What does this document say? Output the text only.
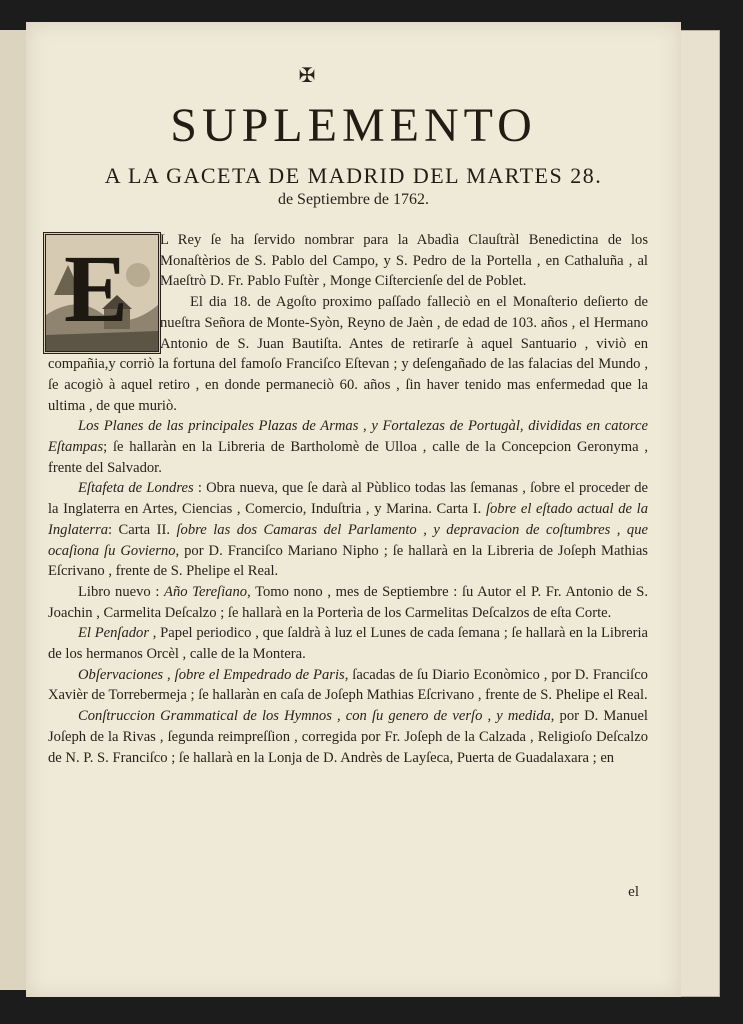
✠
SUPLEMENTO
A LA GACETA DE MADRID DEL MARTES 28.
de Septiembre de 1762.
E	L Rey ſe ha ſervido nombrar para la Abadìa Clauſtràl Benedictina de los Monaſtèrios de S. Pablo del Campo, y S. Pedro de la Portella , en Cathaluña , al Maeſtrò D. Fr. Pablo Fuſtèr , Monge Ciſtercienſe del de Poblet.

El dia 18. de Agoſto proximo paſſado falleciò en el Monaſterio deſierto de nueſtra Señora de Monte-Syòn, Reyno de Jaèn , de edad de 103. años , el Hermano Antonio de S. Juan Bautiſta. Antes de retirarſe à aquel Santuario , viviò en compañia,y corriò la fortuna del famoſo Franciſco Eſtevan ; y deſengañado de las falacias del Mundo , ſe acogiò à aquel retiro , en donde permaneciò 60. años , ſin haver tenido mas enfermedad que la ultima , de que muriò.

Los Planes de las principales Plazas de Armas , y Fortalezas de Portugàl, divididas en catorce Eſtampas; ſe hallaràn en la Libreria de Bartholomè de Ulloa , calle de la Concepcion Geronyma , frente del Salvador.

Eſtafeta de Londres : Obra nueva, que ſe darà al Pùblico todas las ſemanas , ſobre el proceder de la Inglaterra en Artes, Ciencias , Comercio, Induſtria , y Marina. Carta I. ſobre el eſtado actual de la Inglaterra: Carta II. ſobre las dos Camaras del Parlamento , y depravacion de coſtumbres , que ocaſiona ſu Govierno, por D. Franciſco Mariano Nipho ; ſe hallarà en la Libreria de Joſeph Mathias Eſcrivano , frente de S. Phelipe el Real.

Libro nuevo : Año Tereſiano, Tomo nono , mes de Septiembre : ſu Autor el P. Fr. Antonio de S. Joachin , Carmelita Deſcalzo ; ſe hallarà en la Porterìa de los Carmelitas Deſcalzos de eſta Corte.

El Penſador , Papel periodico , que ſaldrà à luz el Lunes de cada ſemana ; ſe hallarà en la Libreria de los hermanos Orcèl , calle de la Montera.

Obſervaciones , ſobre el Empedrado de Paris, ſacadas de ſu Diario Econòmico , por D. Franciſco Xavièr de Torrebermeja ; ſe hallaràn en caſa de Joſeph Mathias Eſcrivano , frente de S. Phelipe el Real.

Conſtruccion Grammatical de los Hymnos , con ſu genero de verſo , y medida, por D. Manuel Joſeph de la Rivas , ſegunda reimpreſſion , corregida por Fr. Joſeph de la Calzada , Religioſo Deſcalzo de N. P. S. Franciſco ; ſe hallarà en la Lonja de D. Andrès de Layſeca, Puerta de Guadalaxara ; en

el
